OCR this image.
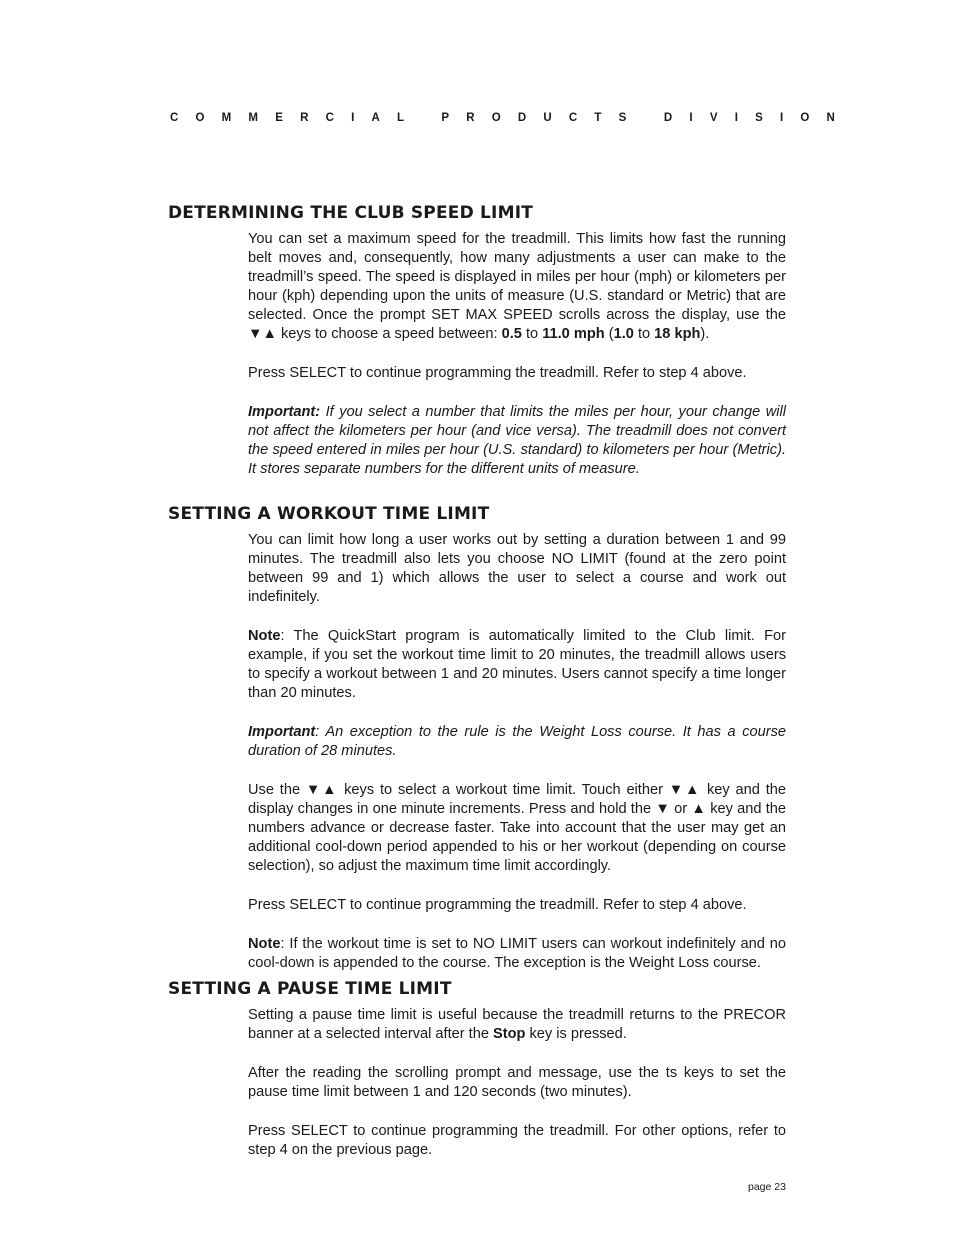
COMMERCIAL PRODUCTS DIVISION
DETERMINING THE CLUB SPEED LIMIT

You can set a maximum speed for the treadmill. This limits how fast the running belt moves and, consequently, how many adjustments a user can make to the treadmill’s speed. The speed is displayed in miles per hour (mph) or kilometers per hour (kph) depending upon the units of measure (U.S. standard or Metric) that are selected. Once the prompt SET MAX SPEED scrolls across the display, use the ▼▲ keys to choose a speed between: 0.5 to 11.0 mph (1.0 to 18 kph).

Press SELECT to continue programming the treadmill. Refer to step 4 above.

Important: If you select a number that limits the miles per hour, your change will not affect the kilometers per hour (and vice versa). The treadmill does not convert the speed entered in miles per hour (U.S. standard) to kilometers per hour (Metric). It stores separate numbers for the different units of measure.

SETTING A WORKOUT TIME LIMIT

You can limit how long a user works out by setting a duration between 1 and 99 minutes. The treadmill also lets you choose NO LIMIT (found at the zero point between 99 and 1) which allows the user to select a course and work out indefinitely.

Note: The QuickStart program is automatically limited to the Club limit. For example, if you set the workout time limit to 20 minutes, the treadmill allows users to specify a workout between 1 and 20 minutes. Users cannot specify a time longer than 20 minutes.

Important: An exception to the rule is the Weight Loss course. It has a course duration of 28 minutes.

Use the ▼▲ keys to select a workout time limit. Touch either ▼▲ key and the display changes in one minute increments. Press and hold the ▼ or ▲ key and the numbers advance or decrease faster. Take into account that the user may get an additional cool-down period appended to his or her workout (depending on course selection), so adjust the maximum time limit accordingly.

Press SELECT to continue programming the treadmill. Refer to step 4 above.

Note: If the workout time is set to NO LIMIT users can workout indefinitely and no cool-down is appended to the course. The exception is the Weight Loss course.

SETTING A PAUSE TIME LIMIT

Setting a pause time limit is useful because the treadmill returns to the PRECOR banner at a selected interval after the Stop key is pressed.

After the reading the scrolling prompt and message, use the ts keys to set the pause time limit between 1 and 120 seconds (two minutes).

Press SELECT to continue programming the treadmill. For other options, refer to step 4 on the previous page.

page 23
